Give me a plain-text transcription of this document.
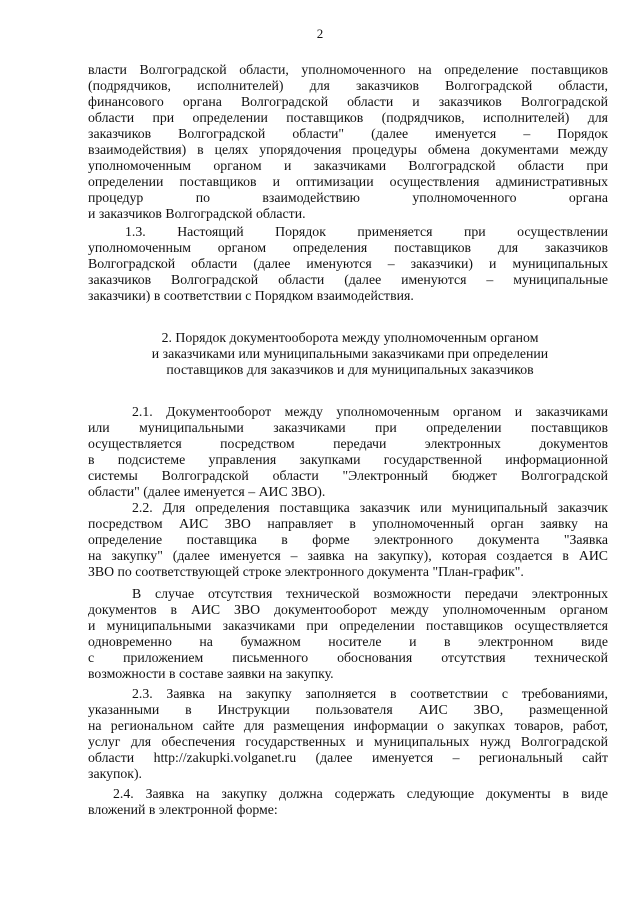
2
власти Волгоградской области, уполномоченного на определение поставщиков
(подрядчиков, исполнителей) для заказчиков Волгоградской области,
финансового органа Волгоградской области и заказчиков Волгоградской
области при определении поставщиков (подрядчиков, исполнителей) для
заказчиков Волгоградской области" (далее именуется – Порядок
взаимодействия) в целях упорядочения процедуры обмена документами между
уполномоченным органом и заказчиками Волгоградской области при
определении поставщиков и оптимизации осуществления административных
процедур по взаимодействию уполномоченного органа
и заказчиков Волгоградской области.
1.3. Настоящий Порядок применяется при осуществлении
уполномоченным органом определения поставщиков для заказчиков
Волгоградской области (далее именуются – заказчики) и муниципальных
заказчиков Волгоградской области (далее именуются – муниципальные
заказчики) в соответствии с Порядком взаимодействия.
2. Порядок документооборота между уполномоченным органом
и заказчиками или муниципальными заказчиками при определении
поставщиков для заказчиков и для муниципальных заказчиков
2.1. Документооборот между уполномоченным органом и заказчиками
или муниципальными заказчиками при определении поставщиков
осуществляется посредством передачи электронных документов
в подсистеме управления закупками государственной информационной
системы Волгоградской области "Электронный бюджет Волгоградской
области" (далее именуется – АИС ЗВО).
2.2. Для определения поставщика заказчик или муниципальный заказчик
посредством АИС ЗВО направляет в уполномоченный орган заявку на
определение поставщика в форме электронного документа "Заявка
на закупку" (далее именуется – заявка на закупку), которая создается в АИС
ЗВО по соответствующей строке электронного документа "План-график".
В случае отсутствия технической возможности передачи электронных
документов в АИС ЗВО документооборот между уполномоченным органом
и муниципальными заказчиками при определении поставщиков осуществляется
одновременно на бумажном носителе и в электронном виде
с приложением письменного обоснования отсутствия технической
возможности в составе заявки на закупку.
2.3. Заявка на закупку заполняется в соответствии с требованиями,
указанными в Инструкции пользователя АИС ЗВО, размещенной
на региональном сайте для размещения информации о закупках товаров, работ,
услуг для обеспечения государственных и муниципальных нужд Волгоградской
области http://zakupki.volganet.ru (далее именуется – региональный сайт
закупок).
2.4. Заявка на закупку должна содержать следующие документы в виде
вложений в электронной форме:
